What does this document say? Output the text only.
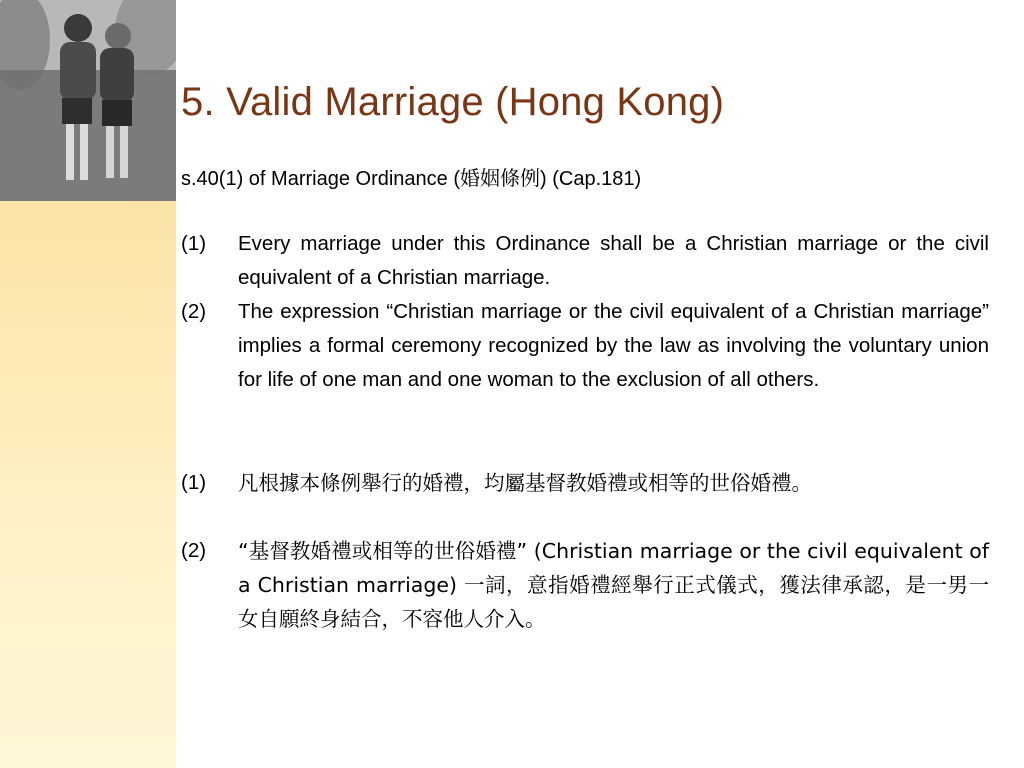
5. Valid Marriage (Hong Kong)
s.40(1) of Marriage Ordinance (婚姻條例) (Cap.181)
(1)	Every marriage under this Ordinance shall be a Christian marriage or the civil equivalent of a Christian marriage.
(2)	The expression “Christian marriage or the civil equivalent of a Christian marriage” implies a formal ceremony recognized by the law as involving the voluntary union for life of one man and one woman to the exclusion of all others.
(1)	凡根據本條例舉行的婚禮，均屬基督教婚禮或相等的世俗婚禮。
(2)	“基督教婚禮或相等的世俗婚禮” (Christian marriage or the civil equivalent of a Christian marriage) 一詞，意指婚禮經舉行正式儀式，獲法律承認，是一男一女自願終身結合，不容他人介入。
